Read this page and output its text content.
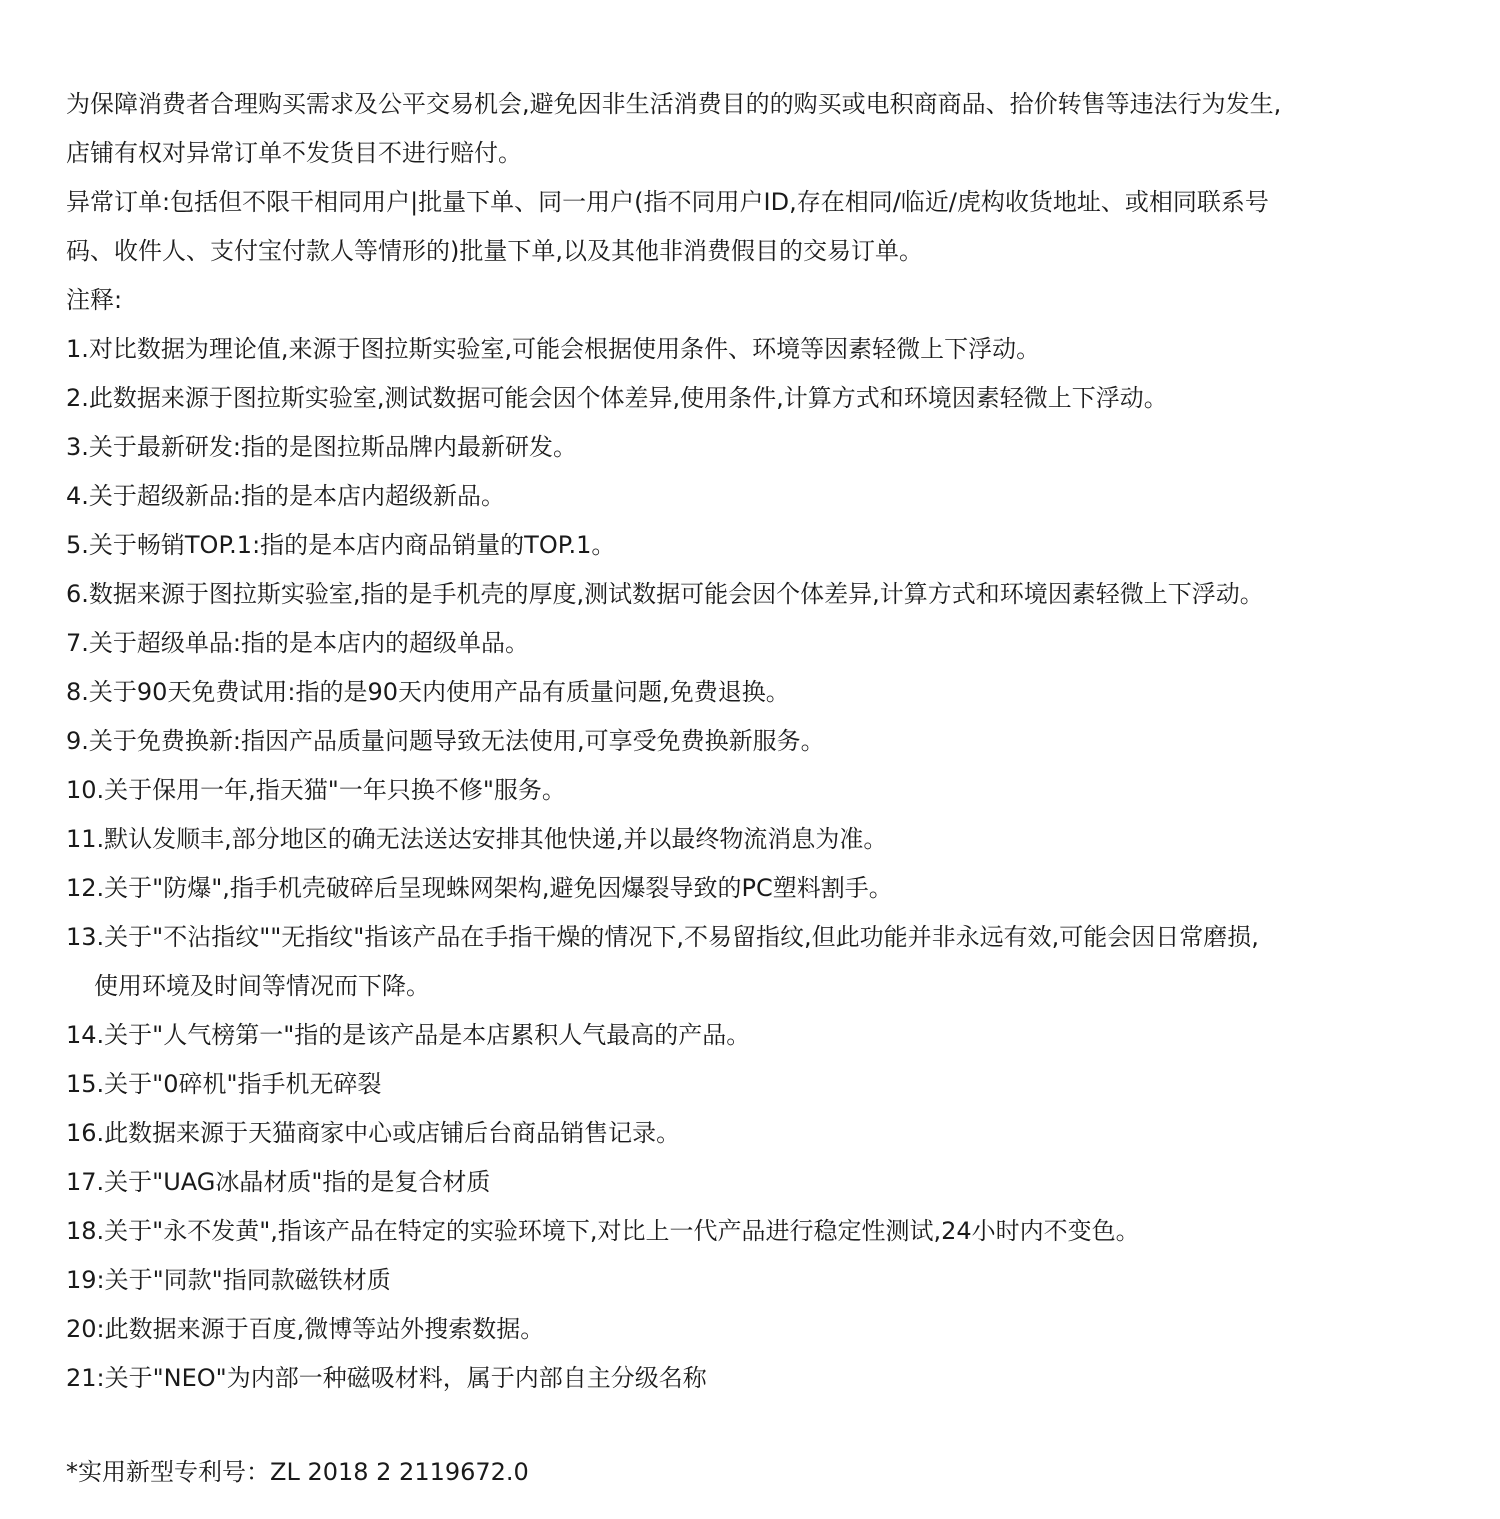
为保障消费者合理购买需求及公平交易机会,避免因非生活消费目的的购买或电积商商品、拾价转售等违法行为发生,

店铺有权对异常订单不发货目不进行赔付。

异常订单:包括但不限干相同用户|批量下单、同一用户(指不同用户ID,存在相同/临近/虎构收货地址、或相同联系号

码、收件人、支付宝付款人等情形的)批量下单,以及其他非消费假目的交易订单。

注释:

1.对比数据为理论值,来源于图拉斯实验室,可能会根据使用条件、环境等因素轻微上下浮动。

2.此数据来源于图拉斯实验室,测试数据可能会因个体差异,使用条件,计算方式和环境因素轻微上下浮动。

3.关于最新研发:指的是图拉斯品牌内最新研发。

4.关于超级新品:指的是本店内超级新品。

5.关于畅销TOP.1:指的是本店内商品销量的TOP.1。

6.数据来源于图拉斯实验室,指的是手机壳的厚度,测试数据可能会因个体差异,计算方式和环境因素轻微上下浮动。

7.关于超级单品:指的是本店内的超级单品。

8.关于90天免费试用:指的是90天内使用产品有质量问题,免费退换。

9.关于免费换新:指因产品质量问题导致无法使用,可享受免费换新服务。

10.关于保用一年,指天猫"一年只换不修"服务。

11.默认发顺丰,部分地区的确无法送达安排其他快递,并以最终物流消息为准。

12.关于"防爆",指手机壳破碎后呈现蛛网架构,避免因爆裂导致的PC塑料割手。

13.关于"不沾指纹""无指纹"指该产品在手指干燥的情况下,不易留指纹,但此功能并非永远有效,可能会因日常磨损,

使用环境及时间等情况而下降。

14.关于"人气榜第一"指的是该产品是本店累积人气最高的产品。

15.关于"0碎机"指手机无碎裂

16.此数据来源于天猫商家中心或店铺后台商品销售记录。

17.关于"UAG冰晶材质"指的是复合材质

18.关于"永不发黄",指该产品在特定的实验环境下,对比上一代产品进行稳定性测试,24小时内不变色。

19:关于"同款"指同款磁铁材质

20:此数据来源于百度,微博等站外搜索数据。

21:关于"NEO"为内部一种磁吸材料，属于内部自主分级名称

*实用新型专利号：ZL 2018 2 2119672.0
